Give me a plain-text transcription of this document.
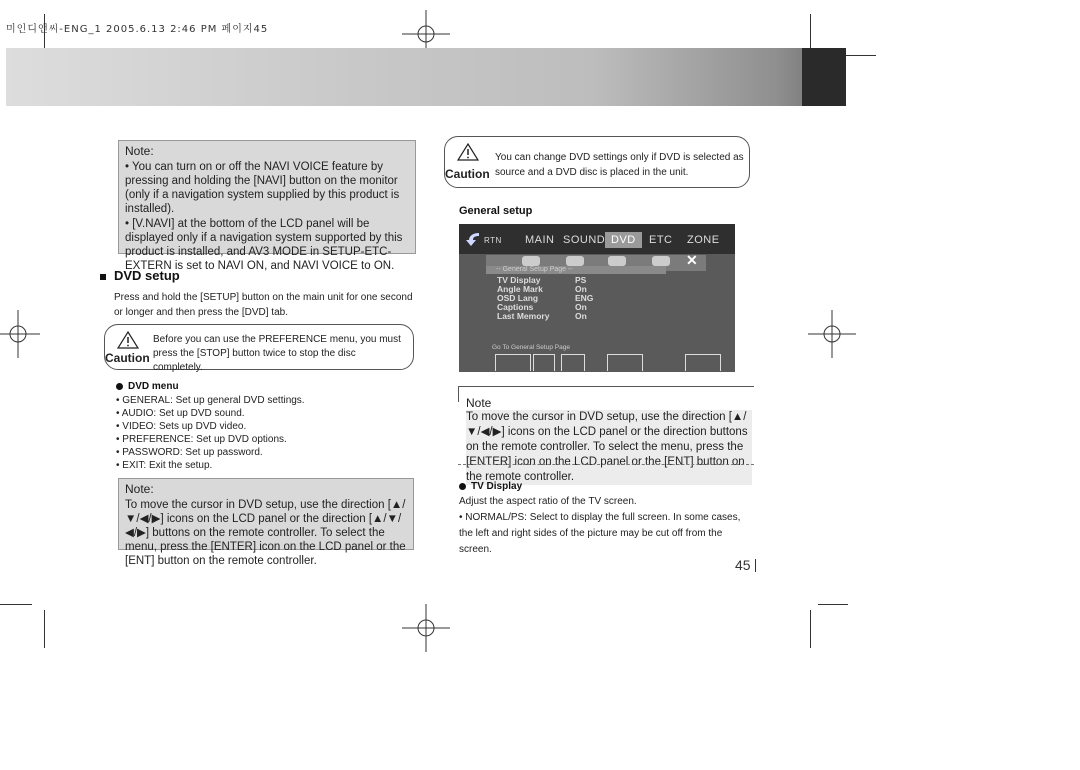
미인디앤씨-ENG_1 2005.6.13 2:46 PM 페이지45
Note:
• You can turn on or off the NAVI VOICE feature by pressing and holding the [NAVI] button on the monitor (only if a navigation system supplied by this product is installed).
• [V.NAVI] at the bottom of the LCD panel will be displayed only if a navigation system supported by this product is installed, and AV3 MODE in SETUP-ETC-EXTERN is set to NAVI ON, and NAVI VOICE to ON.
DVD setup
Press and hold the [SETUP] button on the main unit for one second or longer and then press the [DVD] tab.
Caution
Before you can use the PREFERENCE menu, you must press the [STOP] button twice to stop the disc completely.
DVD menu
• GENERAL: Set up general DVD settings.
• AUDIO: Set up DVD sound.
• VIDEO: Sets up DVD video.
• PREFERENCE: Set up DVD options.
• PASSWORD: Set up password.
• EXIT: Exit the setup.
Note:
To move the cursor in DVD setup, use the direction [▲/▼/◀/▶] icons on the LCD panel or the direction [▲/▼/◀/▶] buttons on the remote controller. To select the menu, press the [ENTER] icon on the LCD panel or the [ENT] button on the remote controller.
Caution
You can change DVD settings only if DVD is selected as source and a DVD disc is placed in the unit.
General setup
RTN MAIN SOUND DVD	ETC ZONE
✕
-- General Setup Page --
TV Display	PS
Angle Mark	On
OSD Lang	ENG
Captions	On
Last Memory	On
Go To General Setup Page
Note
To move the cursor in DVD setup, use the direction [▲/▼/◀/▶] icons on the LCD panel or the direction buttons on the remote controller. To select the menu, press the [ENTER] icon on the LCD panel or the [ENT] button on the remote controller.
TV Display
Adjust the aspect ratio of the TV screen.
• NORMAL/PS: Select to display the full screen. In some cases, the left and right sides of the picture may be cut off from the screen.
45
